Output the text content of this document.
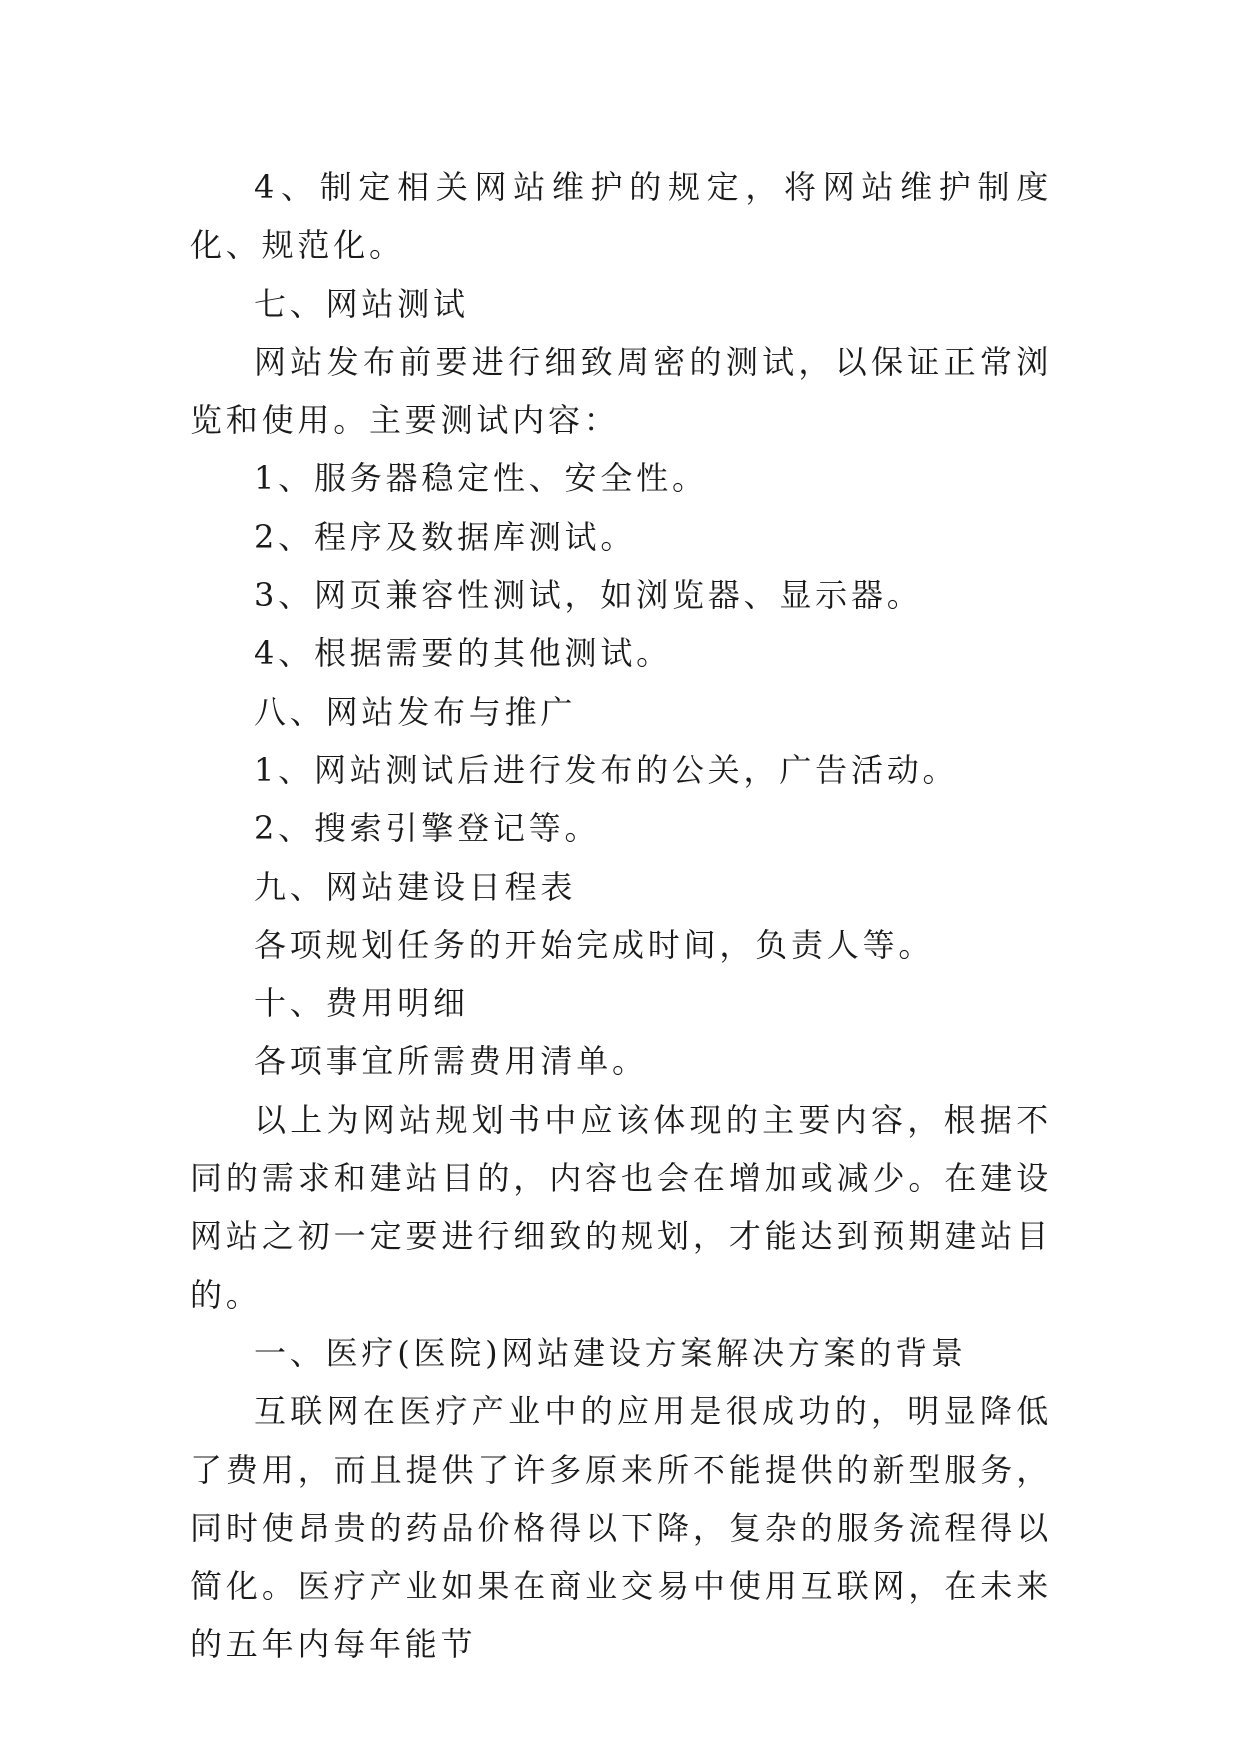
4、制定相关网站维护的规定，将网站维护制度化、规范化。

七、网站测试

网站发布前要进行细致周密的测试，以保证正常浏览和使用。主要测试内容：

1、服务器稳定性、安全性。

2、程序及数据库测试。

3、网页兼容性测试，如浏览器、显示器。

4、根据需要的其他测试。

八、网站发布与推广

1、网站测试后进行发布的公关，广告活动。

2、搜索引擎登记等。

九、网站建设日程表

各项规划任务的开始完成时间，负责人等。

十、费用明细

各项事宜所需费用清单。

以上为网站规划书中应该体现的主要内容，根据不同的需求和建站目的，内容也会在增加或减少。在建设网站之初一定要进行细致的规划，才能达到预期建站目的。

一、医疗(医院)网站建设方案解决方案的背景

互联网在医疗产业中的应用是很成功的，明显降低了费用，而且提供了许多原来所不能提供的新型服务，同时使昂贵的药品价格得以下降，复杂的服务流程得以简化。医疗产业如果在商业交易中使用互联网，在未来的五年内每年能节
